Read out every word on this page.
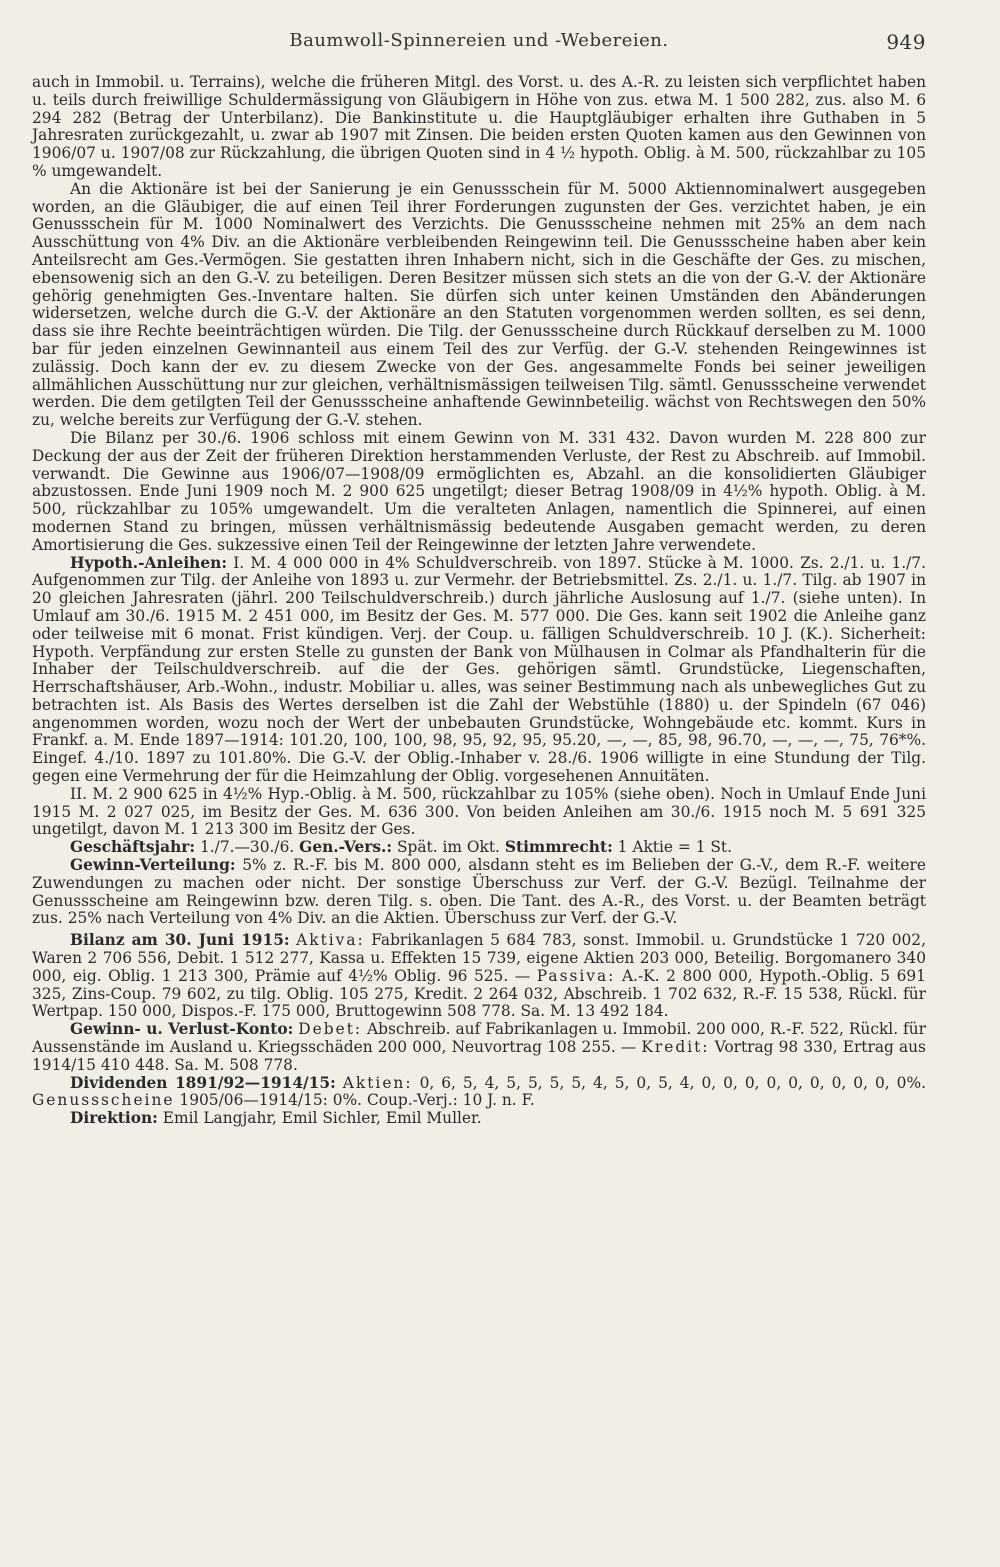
Baumwoll-Spinnereien und -Webereien.	949

auch in Immobil. u. Terrains), welche die früheren Mitgl. des Vorst. u. des A.-R. zu leisten sich verpflichtet haben u. teils durch freiwillige Schuldermässigung von Gläubigern in Höhe von zus. etwa M. 1 500 282, zus. also M. 6 294 282 (Betrag der Unterbilanz). Die Bankinstitute u. die Hauptgläubiger erhalten ihre Guthaben in 5 Jahresraten zurückgezahlt, u. zwar ab 1907 mit Zinsen. Die beiden ersten Quoten kamen aus den Gewinnen von 1906/07 u. 1907/08 zur Rückzahlung, die übrigen Quoten sind in 4 ½ hypoth. Oblig. à M. 500, rückzahlbar zu 105 % umgewandelt.

An die Aktionäre ist bei der Sanierung je ein Genussschein für M. 5000 Aktiennominalwert ausgegeben worden, an die Gläubiger, die auf einen Teil ihrer Forderungen zugunsten der Ges. verzichtet haben, je ein Genussschein für M. 1000 Nominalwert des Verzichts. Die Genussscheine nehmen mit 25% an dem nach Ausschüttung von 4% Div. an die Aktionäre verbleibenden Reingewinn teil. Die Genussscheine haben aber kein Anteilsrecht am Ges.-Vermögen. Sie gestatten ihren Inhabern nicht, sich in die Geschäfte der Ges. zu mischen, ebensowenig sich an den G.-V. zu beteiligen. Deren Besitzer müssen sich stets an die von der G.-V. der Aktionäre gehörig genehmigten Ges.-Inventare halten. Sie dürfen sich unter keinen Umständen den Abänderungen widersetzen, welche durch die G.-V. der Aktionäre an den Statuten vorgenommen werden sollten, es sei denn, dass sie ihre Rechte beeinträchtigen würden. Die Tilg. der Genussscheine durch Rückkauf derselben zu M. 1000 bar für jeden einzelnen Gewinnanteil aus einem Teil des zur Verfüg. der G.-V. stehenden Reingewinnes ist zulässig. Doch kann der ev. zu diesem Zwecke von der Ges. angesammelte Fonds bei seiner jeweiligen allmählichen Ausschüttung nur zur gleichen, verhältnismässigen teilweisen Tilg. sämtl. Genussscheine verwendet werden. Die dem getilgten Teil der Genussscheine anhaftende Gewinnbeteilig. wächst von Rechtswegen den 50% zu, welche bereits zur Verfügung der G.-V. stehen.

Die Bilanz per 30./6. 1906 schloss mit einem Gewinn von M. 331 432. Davon wurden M. 228 800 zur Deckung der aus der Zeit der früheren Direktion herstammenden Verluste, der Rest zu Abschreib. auf Immobil. verwandt. Die Gewinne aus 1906/07—1908/09 ermöglichten es, Abzahl. an die konsolidierten Gläubiger abzustossen. Ende Juni 1909 noch M. 2 900 625 ungetilgt; dieser Betrag 1908/09 in 4½% hypoth. Oblig. à M. 500, rückzahlbar zu 105% umgewandelt. Um die veralteten Anlagen, namentlich die Spinnerei, auf einen modernen Stand zu bringen, müssen verhältnismässig bedeutende Ausgaben gemacht werden, zu deren Amortisierung die Ges. sukzessive einen Teil der Reingewinne der letzten Jahre verwendete.

Hypoth.-Anleihen: I. M. 4 000 000 in 4% Schuldverschreib. von 1897. Stücke à M. 1000. Zs. 2./1. u. 1./7. Aufgenommen zur Tilg. der Anleihe von 1893 u. zur Vermehr. der Betriebsmittel. Zs. 2./1. u. 1./7. Tilg. ab 1907 in 20 gleichen Jahresraten (jährl. 200 Teilschuldverschreib.) durch jährliche Auslosung auf 1./7. (siehe unten). In Umlauf am 30./6. 1915 M. 2 451 000, im Besitz der Ges. M. 577 000. Die Ges. kann seit 1902 die Anleihe ganz oder teilweise mit 6 monat. Frist kündigen. Verj. der Coup. u. fälligen Schuldverschreib. 10 J. (K.). Sicherheit: Hypoth. Verpfändung zur ersten Stelle zu gunsten der Bank von Mülhausen in Colmar als Pfandhalterin für die Inhaber der Teilschuldverschreib. auf die der Ges. gehörigen sämtl. Grundstücke, Liegenschaften, Herrschaftshäuser, Arb.-Wohn., industr. Mobiliar u. alles, was seiner Bestimmung nach als unbewegliches Gut zu betrachten ist. Als Basis des Wertes derselben ist die Zahl der Webstühle (1880) u. der Spindeln (67 046) angenommen worden, wozu noch der Wert der unbebauten Grundstücke, Wohngebäude etc. kommt. Kurs in Frankf. a. M. Ende 1897—1914: 101.20, 100, 100, 98, 95, 92, 95, 95.20, —, —, 85, 98, 96.70, —, —, —, 75, 76*%. Eingef. 4./10. 1897 zu 101.80%. Die G.-V. der Oblig.-Inhaber v. 28./6. 1906 willigte in eine Stundung der Tilg. gegen eine Vermehrung der für die Heimzahlung der Oblig. vorgesehenen Annuitäten.

II. M. 2 900 625 in 4½% Hyp.-Oblig. à M. 500, rückzahlbar zu 105% (siehe oben). Noch in Umlauf Ende Juni 1915 M. 2 027 025, im Besitz der Ges. M. 636 300. Von beiden Anleihen am 30./6. 1915 noch M. 5 691 325 ungetilgt, davon M. 1 213 300 im Besitz der Ges.

Geschäftsjahr: 1./7.—30./6. Gen.-Vers.: Spät. im Okt. Stimmrecht: 1 Aktie = 1 St.

Gewinn-Verteilung: 5% z. R.-F. bis M. 800 000, alsdann steht es im Belieben der G.-V., dem R.-F. weitere Zuwendungen zu machen oder nicht. Der sonstige Überschuss zur Verf. der G.-V. Bezügl. Teilnahme der Genussscheine am Reingewinn bzw. deren Tilg. s. oben. Die Tant. des A.-R., des Vorst. u. der Beamten beträgt zus. 25% nach Verteilung von 4% Div. an die Aktien. Überschuss zur Verf. der G.-V.

Bilanz am 30. Juni 1915: Aktiva: Fabrikanlagen 5 684 783, sonst. Immobil. u. Grundstücke 1 720 002, Waren 2 706 556, Debit. 1 512 277, Kassa u. Effekten 15 739, eigene Aktien 203 000, Beteilig. Borgomanero 340 000, eig. Oblig. 1 213 300, Prämie auf 4½% Oblig. 96 525. — Passiva: A.-K. 2 800 000, Hypoth.-Oblig. 5 691 325, Zins-Coup. 79 602, zu tilg. Oblig. 105 275, Kredit. 2 264 032, Abschreib. 1 702 632, R.-F. 15 538, Rückl. für Wertpap. 150 000, Dispos.-F. 175 000, Bruttogewinn 508 778. Sa. M. 13 492 184.

Gewinn- u. Verlust-Konto: Debet: Abschreib. auf Fabrikanlagen u. Immobil. 200 000, R.-F. 522, Rückl. für Aussenstände im Ausland u. Kriegsschäden 200 000, Neuvortrag 108 255. — Kredit: Vortrag 98 330, Ertrag aus 1914/15 410 448. Sa. M. 508 778.

Dividenden 1891/92—1914/15: Aktien: 0, 6, 5, 4, 5, 5, 5, 5, 4, 5, 0, 5, 4, 0, 0, 0, 0, 0, 0, 0, 0, 0, 0%. Genussscheine 1905/06—1914/15: 0%. Coup.-Verj.: 10 J. n. F.

Direktion: Emil Langjahr, Emil Sichler, Emil Muller.
